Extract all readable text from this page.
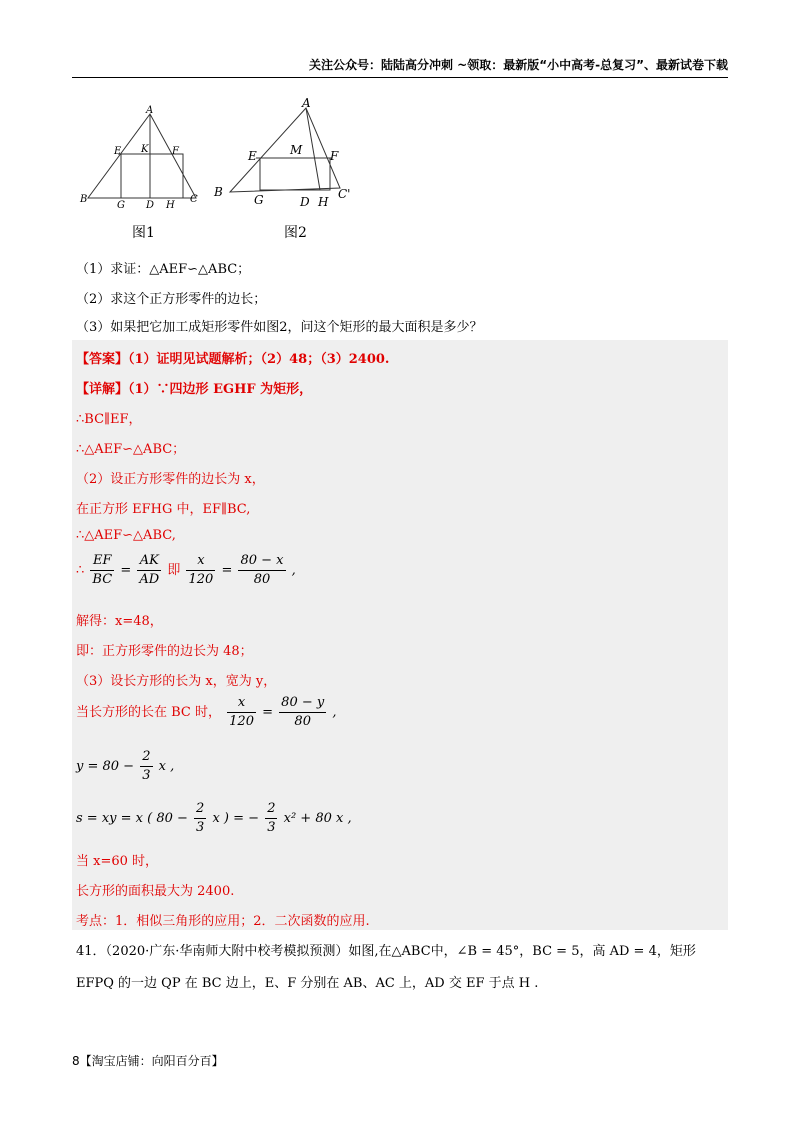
关注公众号：陆陆高分冲刺 ~领取：最新版“小中高考-总复习”、最新试卷下载
A
E K F
B
G D H
C
图1
A
E	M F
B
G	D H
C'
图2
（1）求证：△AEF∽△ABC；
（2）求这个正方形零件的边长；
（3）如果把它加工成矩形零件如图2，问这个矩形的最大面积是多少？
【答案】（1）证明见试题解析；（2）48；（3）2400.
【详解】（1）∵四边形 EGHF 为矩形，
∴BC∥EF，
∴△AEF∽△ABC；
（2）设正方形零件的边长为 x，
在正方形 EFHG 中，EF∥BC,
∴△AEF∽△ABC,
∴ $\frac{EF}{BC} = \frac{AK}{AD}$ 即 $\frac{x}{120} = \frac{80 - x}{80}$ ,
解得：x=48，
即：正方形零件的边长为 48；
（3）设长方形的长为 x，宽为 y，
当长方形的长在 BC 时， $\frac{x}{120} = \frac{80 - y}{80}$ ,
$y = 80 - \frac{2}{3}$ x ,
s = xy = x ( $80 - \frac{2}{3}$ x ) = − $\frac{2}{3} x^2 + 80$ x ,
当 x=60 时，
长方形的面积最大为 2400.
考点：1．相似三角形的应用；2．二次函数的应用.
41．（2020·广东·华南师大附中校考模拟预测）如图,在△ABC中，∠B = 45°，BC = 5，高 AD = 4，矩形
EFPQ 的一边 QP 在 BC 边上，E、F 分别在 AB、AC 上，AD 交 EF 于点 H .
8【淘宝店铺：向阳百分百】
